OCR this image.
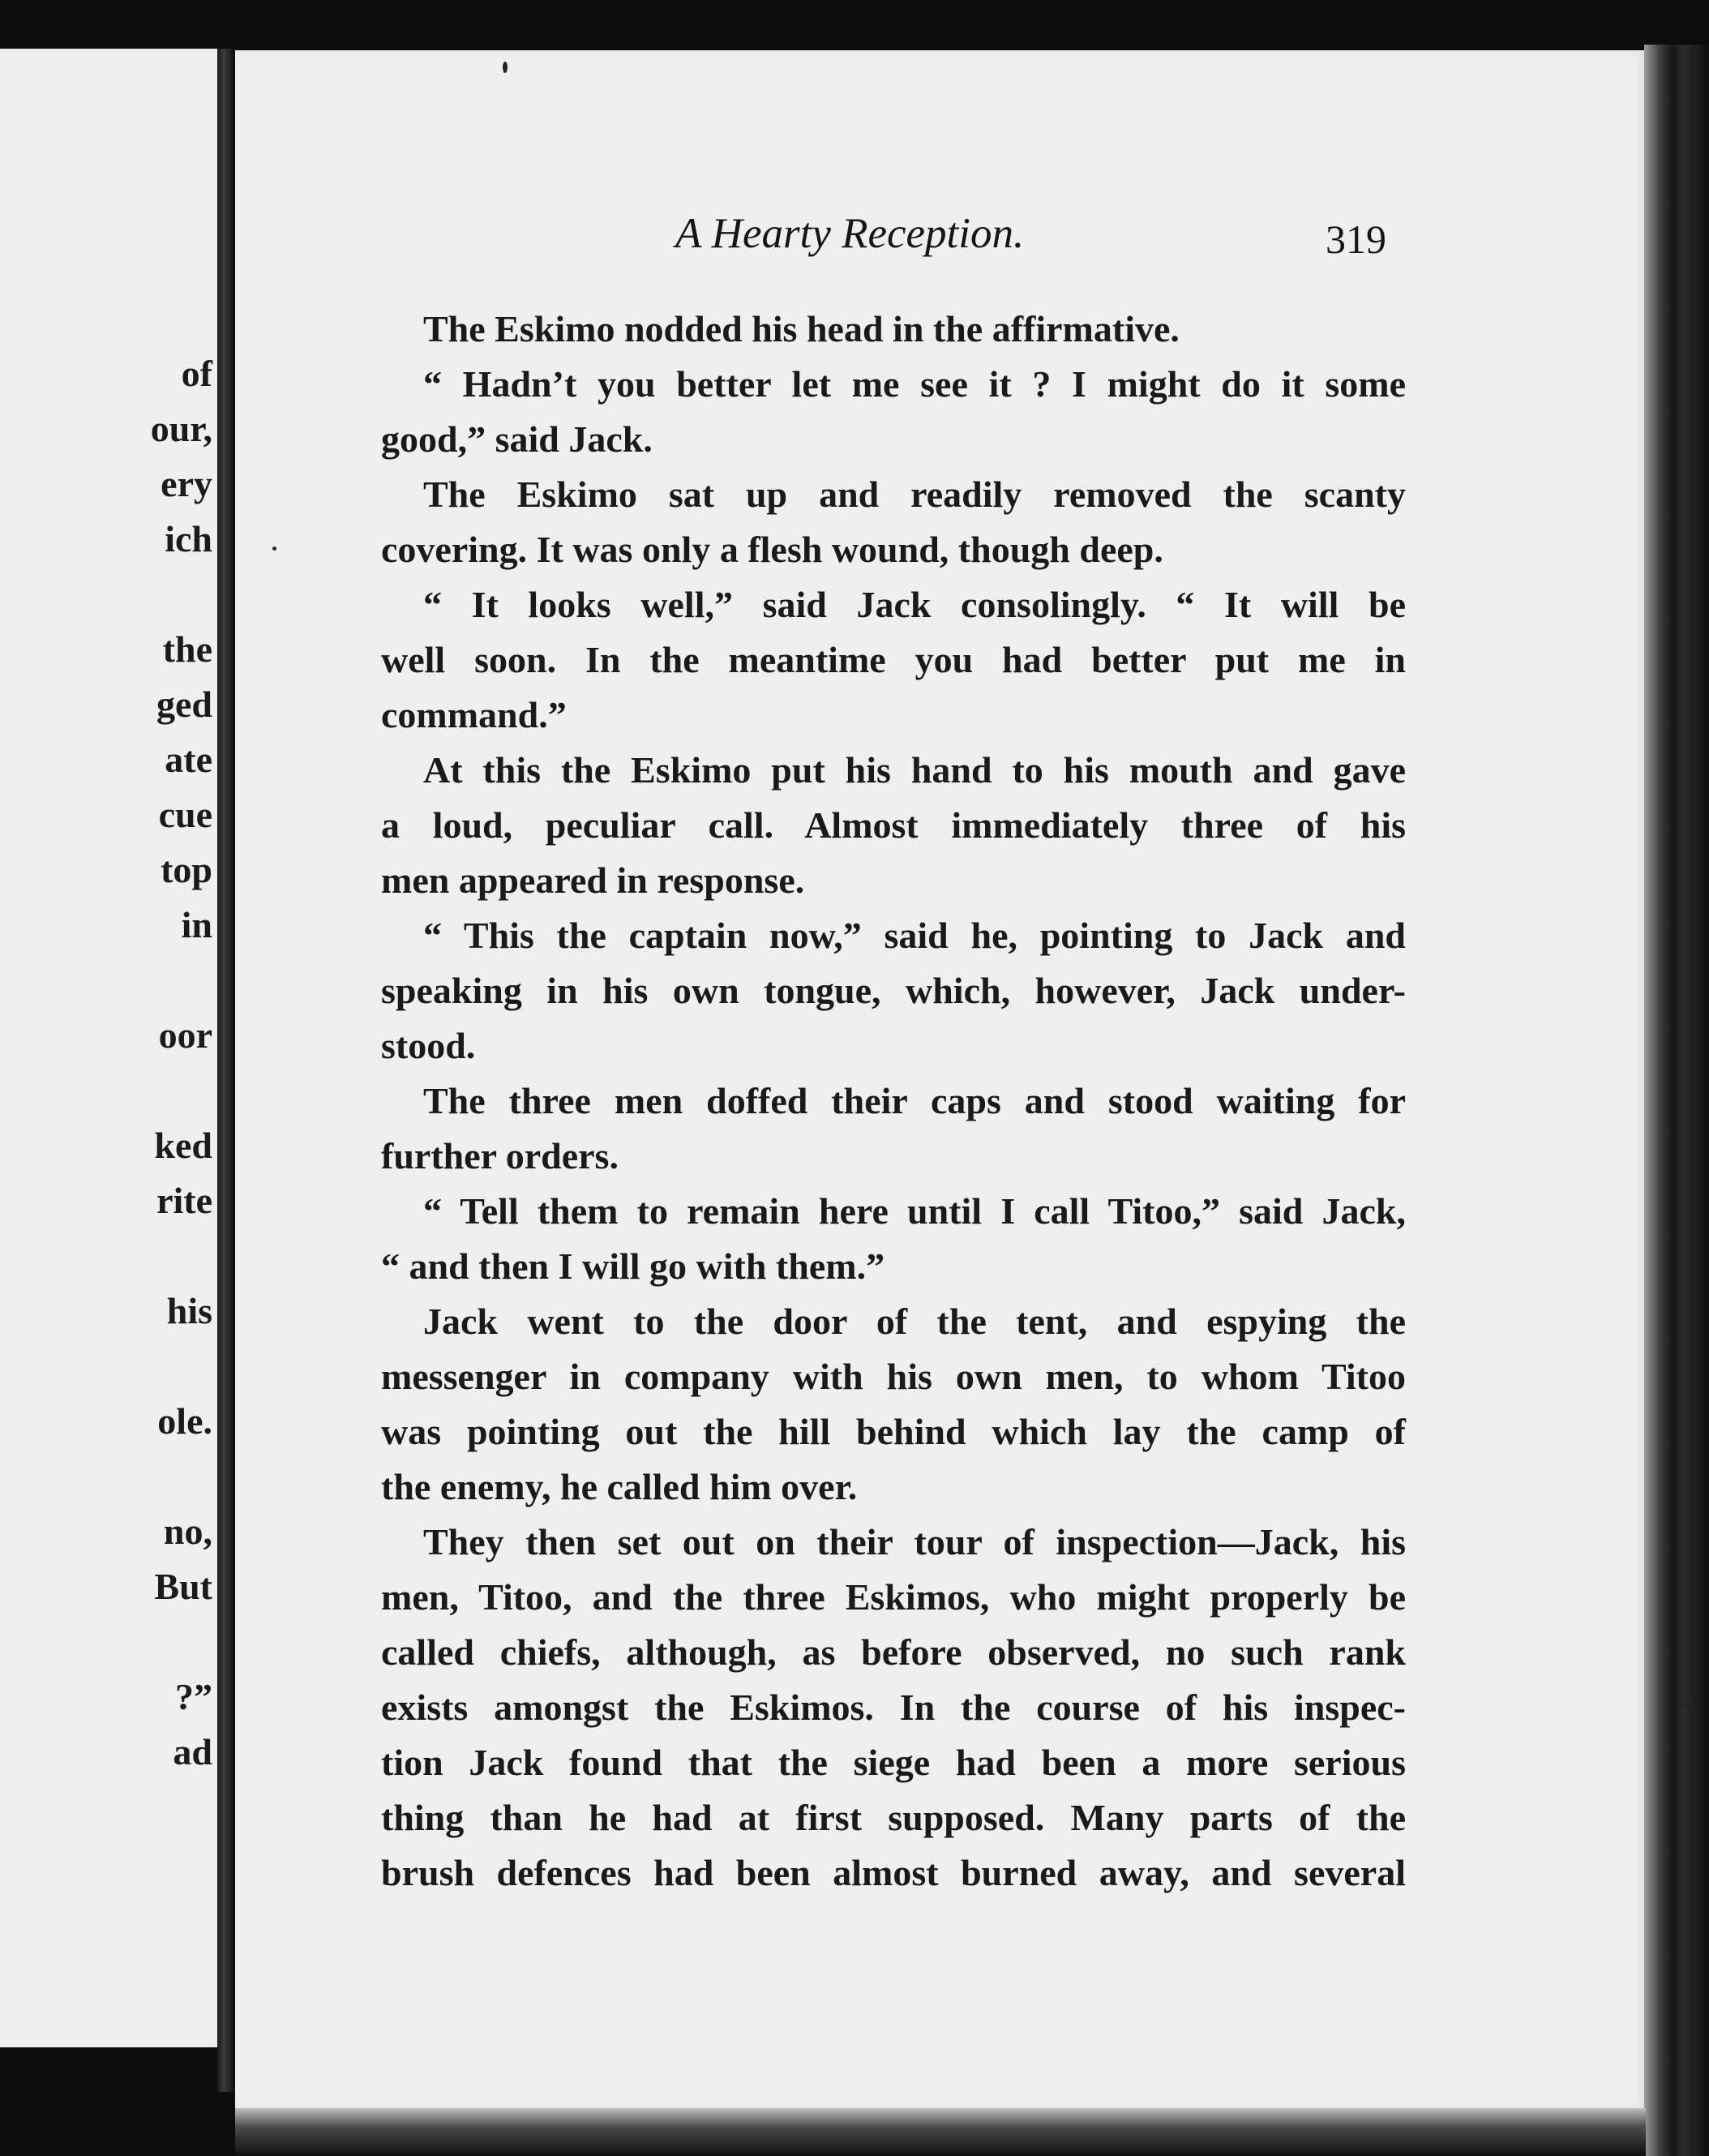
of

our,

ery

ich

the

ged

ate

cue

top

in

oor

ked

rite

his

ole.

no,

But

?”

ad

A Hearty Reception.	319

The Eskimo nodded his head in the affirmative.

“ Hadn’t you better let me see it ? I might do it some

good,” said Jack.

The Eskimo sat up and readily removed the scanty

covering. It was only a flesh wound, though deep.

“ It looks well,” said Jack consolingly. “ It will be

well soon. In the meantime you had better put me in

command.”

At this the Eskimo put his hand to his mouth and gave

a loud, peculiar call. Almost immediately three of his

men appeared in response.

“ This the captain now,” said he, pointing to Jack and

speaking in his own tongue, which, however, Jack under-

stood.

The three men doffed their caps and stood waiting for

further orders.

“ Tell them to remain here until I call Titoo,” said Jack,

“ and then I will go with them.”

Jack went to the door of the tent, and espying the

messenger in company with his own men, to whom Titoo

was pointing out the hill behind which lay the camp of

the enemy, he called him over.

They then set out on their tour of inspection—Jack, his

men, Titoo, and the three Eskimos, who might properly be

called chiefs, although, as before observed, no such rank

exists amongst the Eskimos. In the course of his inspec-

tion Jack found that the siege had been a more serious

thing than he had at first supposed. Many parts of the

brush defences had been almost burned away, and several
